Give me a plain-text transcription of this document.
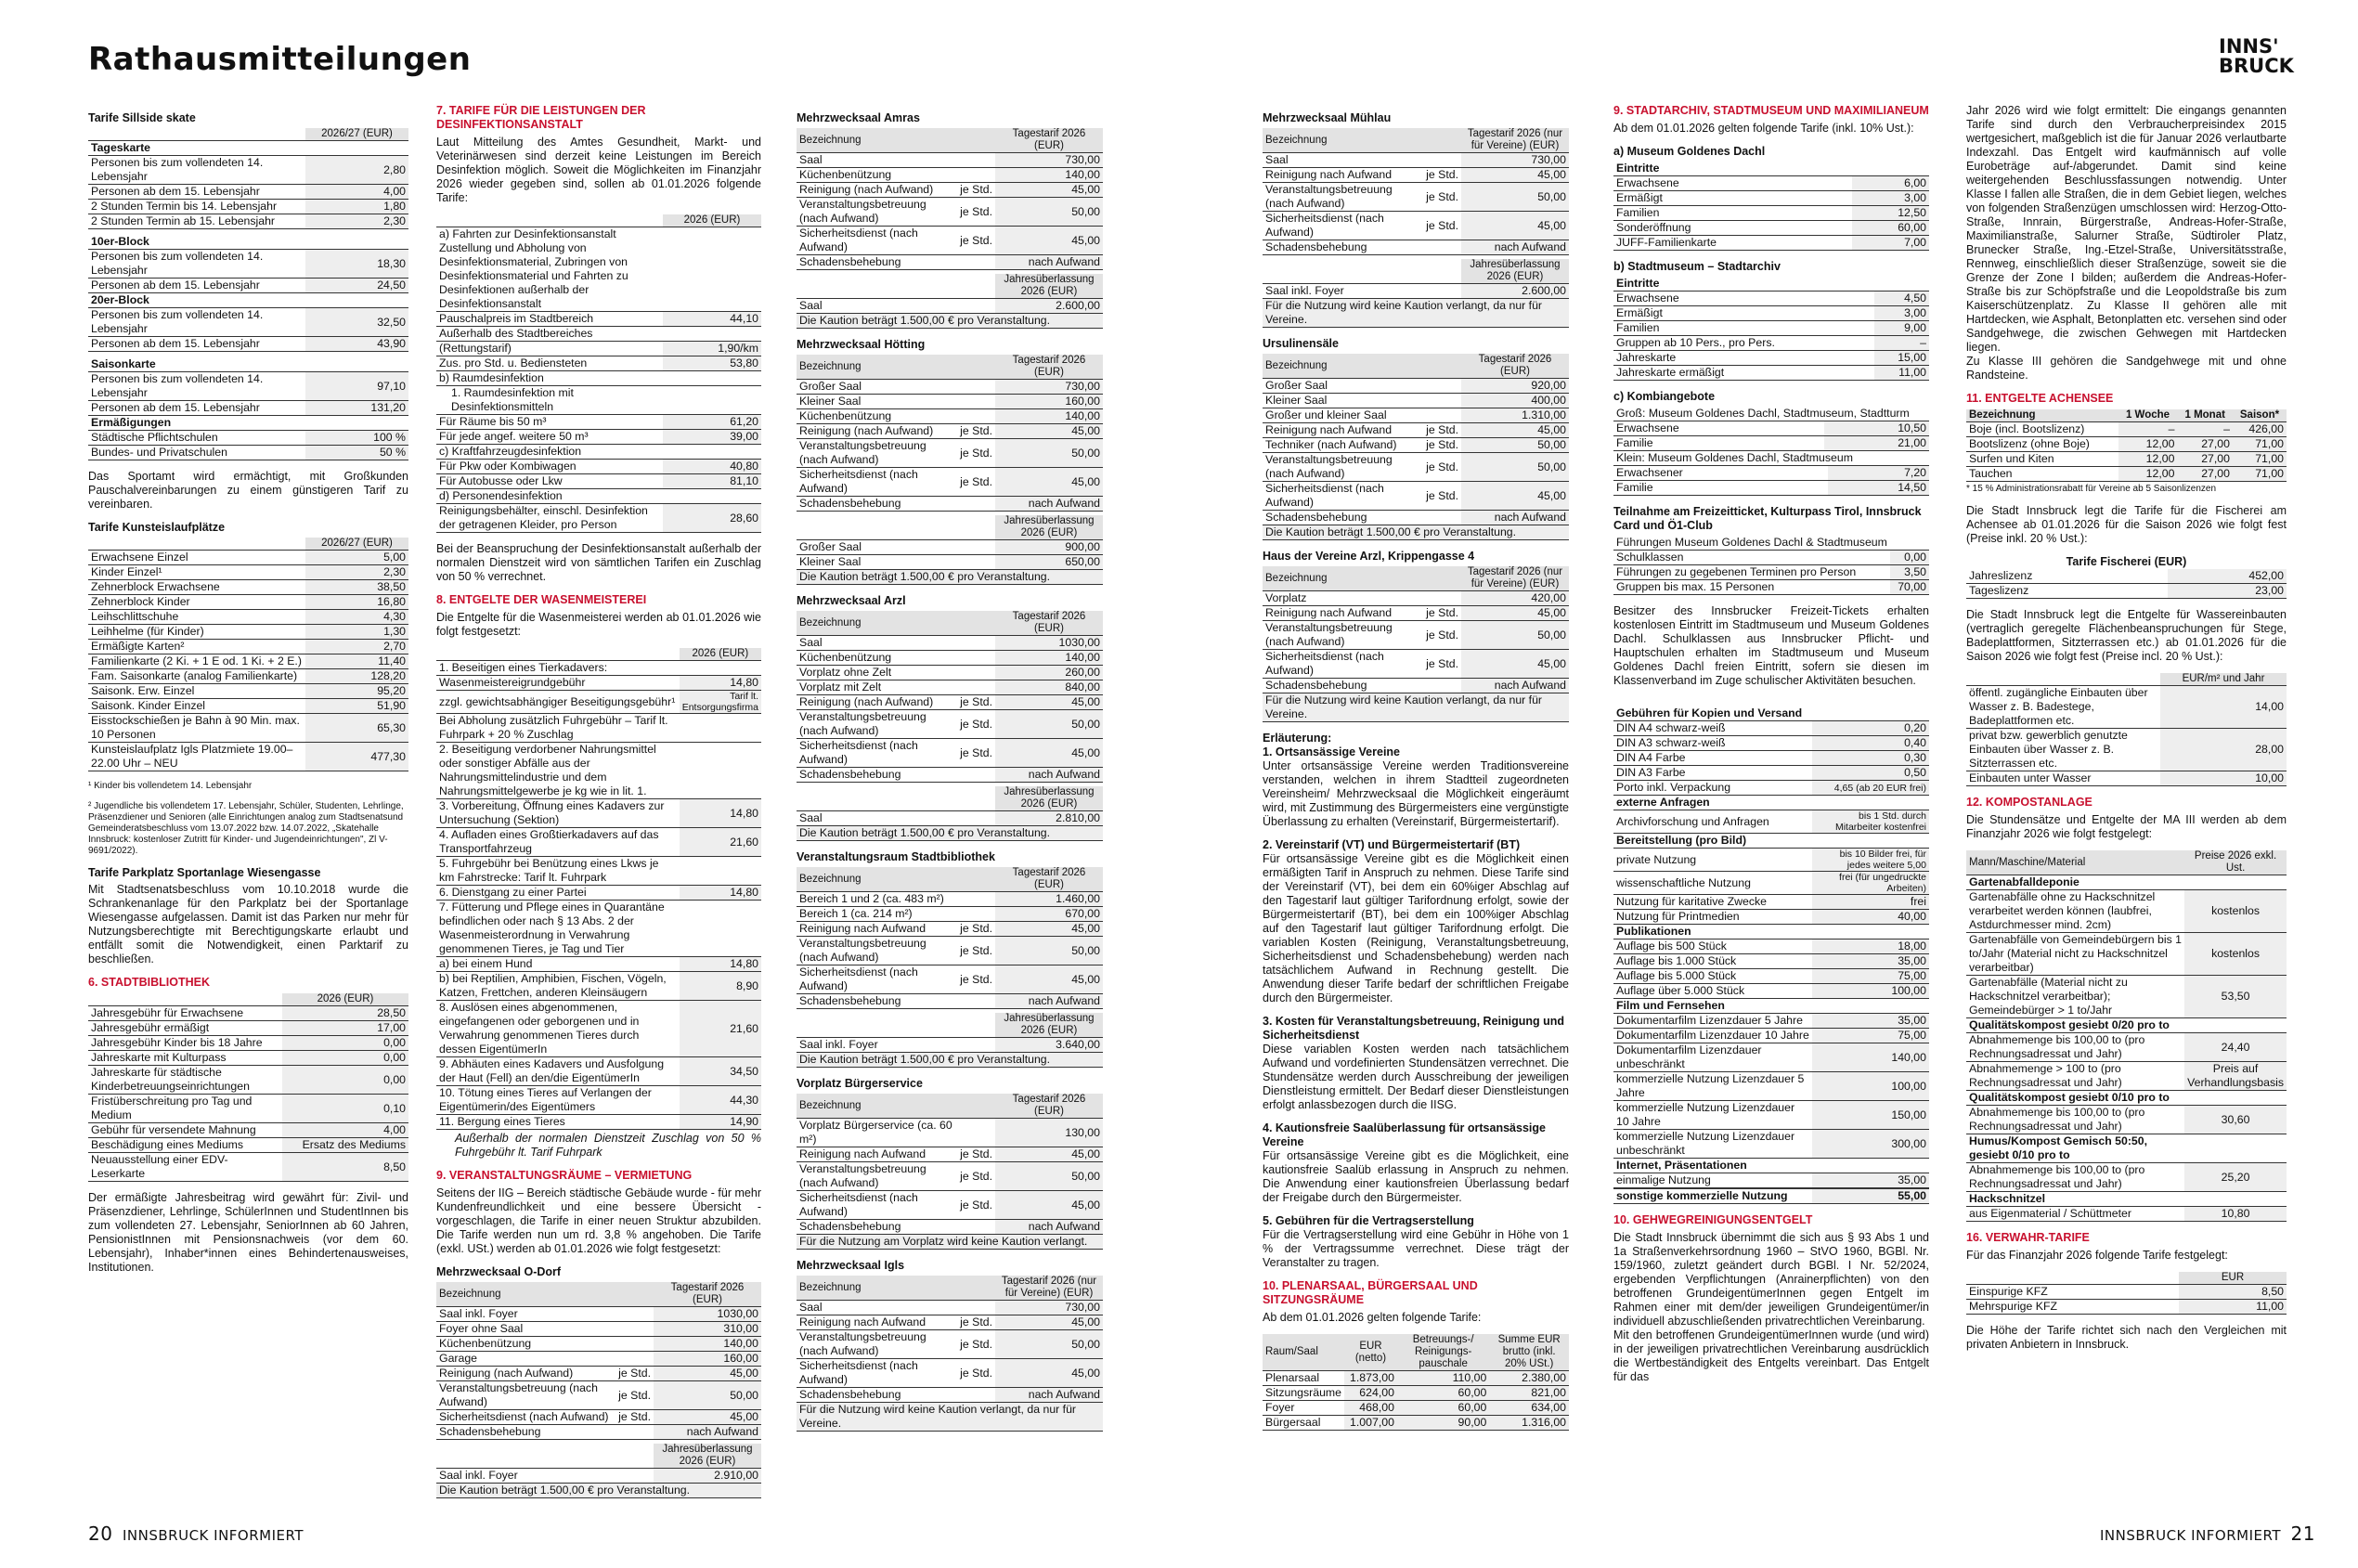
Rathausmitteilungen	INNS'
BRUCK
Tarife Sillside skate
	2026/27 (EUR)
Tageskarte	
Personen bis zum vollendeten 14. Lebensjahr	2,80
Personen ab dem 15. Lebensjahr	4,00
2 Stunden Termin bis 14. Lebensjahr	1,80
2 Stunden Termin ab 15. Lebensjahr	2,30
10er-Block	
Personen bis zum vollendeten 14. Lebensjahr	18,30
Personen ab dem 15. Lebensjahr	24,50
20er-Block	
Personen bis zum vollendeten 14. Lebensjahr	32,50
Personen ab dem 15. Lebensjahr	43,90
Saisonkarte	
Personen bis zum vollendeten 14. Lebensjahr	97,10
Personen ab dem 15. Lebensjahr	131,20
Ermäßigungen	
Städtische Pflichtschulen	100 %
Bundes- und Privatschulen	50 %

Das Sportamt wird ermächtigt, mit Großkunden Pauschalvereinbarungen zu einem günstigeren Tarif zu vereinbaren.

Tarife Kunsteislaufplätze
	2026/27 (EUR)
Erwachsene Einzel	5,00
Kinder Einzel¹	2,30
Zehnerblock Erwachsene	38,50
Zehnerblock Kinder	16,80
Leihschlittschuhe	4,30
Leihhelme (für Kinder)	1,30
Ermäßigte Karten²	2,70
Familienkarte (2 Ki. + 1 E od. 1 Ki. + 2 E.)	11,40
Fam. Saisonkarte (analog Familienkarte)	128,20
Saisonk. Erw. Einzel	95,20
Saisonk. Kinder Einzel	51,90
Eisstockschießen je Bahn à 90 Min. max. 10 Personen	65,30
Kunsteislaufplatz Igls Platzmiete 19.00–22.00 Uhr – NEU	477,30
¹ Kinder bis vollendetem 14. Lebensjahr
² Jugendliche bis vollendetem 17. Lebensjahr, Schüler, Studenten, Lehrlinge, Präsenzdiener und Senioren (alle Einrichtungen analog zum Stadtsenatsund Gemeinderatsbeschluss vom 13.07.2022 bzw. 14.07.2022, „Skatehalle Innsbruck: kostenloser Zutritt für Kinder- und Jugendeinrichtungen", Zl V-9691/2022).
Tarife Parkplatz Sportanlage Wiesengasse

Mit Stadtsenatsbeschluss vom 10.10.2018 wurde die Schrankenanlage für den Parkplatz bei der Sportanlage Wiesengasse aufgelassen. Damit ist das Parken nur mehr für Nutzungsberechtigte mit Berechtigungskarte erlaubt und entfällt somit die Notwendigkeit, einen Parktarif zu beschließen.

6. STADTBIBLIOTHEK
	2026 (EUR)
Jahresgebühr für Erwachsene	28,50
Jahresgebühr ermäßigt	17,00
Jahresgebühr Kinder bis 18 Jahre	0,00
Jahreskarte mit Kulturpass	0,00
Jahreskarte für städtische Kinderbetreuungseinrichtungen	0,00
Fristüberschreitung pro Tag und Medium	0,10
Gebühr für versendete Mahnung	4,00
Beschädigung eines Mediums	Ersatz des Mediums
Neuausstellung einer EDV-Leserkarte	8,50

Der ermäßigte Jahresbeitrag wird gewährt für: Zivil- und Präsenzdiener, Lehrlinge, SchülerInnen und StudentInnen bis zum vollendeten 27. Lebensjahr, SeniorInnen ab 60 Jahren, PensionistInnen mit Pensionsnachweis (vor dem 60. Lebensjahr), Inhaber*innen eines Behindertenausweises, Institutionen.

7. TARIFE FÜR DIE LEISTUNGEN DER DESINFEKTIONSANSTALT

Laut Mitteilung des Amtes Gesundheit, Markt- und Veterinärwesen sind derzeit keine Leistungen im Bereich Desinfektion möglich. Soweit die Möglichkeiten im Finanzjahr 2026 wieder gegeben sind, sollen ab 01.01.2026 folgende Tarife:

	2026 (EUR)
a) Fahrten zur Desinfektionsanstalt Zustellung und Abholung von Desinfektionsmaterial, Zubringen von Desinfektionsmaterial und Fahrten zu Desinfektionen außerhalb der Desinfektionsanstalt	
Pauschalpreis im Stadtbereich	44,10
Außerhalb des Stadtbereiches	
(Rettungstarif)	1,90/km
Zus. pro Std. u. Bediensteten	53,80
b) Raumdesinfektion	
1. Raumdesinfektion mit Desinfektionsmitteln	
Für Räume bis 50 m³	61,20
Für jede angef. weitere 50 m³	39,00
c) Kraftfahrzeugdesinfektion	
Für Pkw oder Kombiwagen	40,80
Für Autobusse oder Lkw	81,10
d) Personendesinfektion	
Reinigungsbehälter, einschl. Desinfektion der getragenen Kleider, pro Person	28,60

Bei der Beanspruchung der Desinfektionsanstalt außerhalb der normalen Dienstzeit wird von sämtlichen Tarifen ein Zuschlag von 50 % verrechnet.

8. ENTGELTE DER WASENMEISTEREI

Die Entgelte für die Wasenmeisterei werden ab 01.01.2026 wie folgt festgesetzt:

	2026 (EUR)
1. Beseitigen eines Tierkadavers:	
Wasenmeistereigrundgebühr	14,80
zzgl. gewichtsabhängiger Beseitigungsgebühr¹	Tarif lt. Entsorgungsfirma
Bei Abholung zusätzlich Fuhrgebühr – Tarif lt. Fuhrpark + 20 % Zuschlag	
2. Beseitigung verdorbener Nahrungsmittel oder sonstiger Abfälle aus der Nahrungsmittelindustrie und dem Nahrungsmittelgewerbe je kg wie in lit. 1.	
3. Vorbereitung, Öffnung eines Kadavers zur Untersuchung (Sektion)	14,80
4. Aufladen eines Großtierkadavers auf das Transportfahrzeug	21,60
5. Fuhrgebühr bei Benützung eines Lkws je km Fahrstrecke: Tarif lt. Fuhrpark	
6. Dienstgang zu einer Partei	14,80
7. Fütterung und Pflege eines in Quarantäne befindlichen oder nach § 13 Abs. 2 der Wasenmeisterordnung in Verwahrung genommenen Tieres, je Tag und Tier	
a) bei einem Hund	14,80
b) bei Reptilien, Amphibien, Fischen, Vögeln, Katzen, Frettchen, anderen Kleinsäugern	8,90
8. Auslösen eines abgenommenen, eingefangenen oder geborgenen und in Verwahrung genommenen Tieres durch dessen EigentümerIn	21,60
9. Abhäuten eines Kadavers und Ausfolgung der Haut (Fell) an den/die EigentümerIn	34,50
10. Tötung eines Tieres auf Verlangen der Eigentümerin/des Eigentümers	44,30
11. Bergung eines Tieres	14,90

Außerhalb der normalen Dienstzeit Zuschlag von 50 % Fuhrgebühr lt. Tarif Fuhrpark

9. VERANSTALTUNGSRÄUME – VERMIETUNG

Seitens der IIG – Bereich städtische Gebäude wurde - für mehr Kundenfreundlichkeit und eine bessere Übersicht - vorgeschlagen, die Tarife in einer neuen Struktur abzubilden. Die Tarife werden nun um rd. 3,8 % angehoben. Die Tarife (exkl. USt.) werden ab 01.01.2026 wie folgt festgesetzt:

Mehrzwecksaal O-Dorf
Bezeichnung		Tagestarif 2026 (EUR)
Saal inkl. Foyer		1030,00
Foyer ohne Saal		310,00
Küchenbenützung		140,00
Garage		160,00
Reinigung (nach Aufwand)	je Std.	45,00
Veranstaltungsbetreuung (nach Aufwand)	je Std.	50,00
Sicherheitsdienst (nach Aufwand)	je Std.	45,00
Schadensbehebung		nach Aufwand
	Jahresüberlassung 2026 (EUR)
Saal inkl. Foyer	2.910,00
Die Kaution beträgt 1.500,00 € pro Veranstaltung.	
Mehrzwecksaal Amras
Bezeichnung		Tagestarif 2026 (EUR)
Saal		730,00
Küchenbenützung		140,00
Reinigung (nach Aufwand)	je Std.	45,00
Veranstaltungsbetreuung (nach Aufwand)	je Std.	50,00
Sicherheitsdienst (nach Aufwand)	je Std.	45,00
Schadensbehebung		nach Aufwand
	Jahresüberlassung 2026 (EUR)
Saal	2.600,00
Die Kaution beträgt 1.500,00 € pro Veranstaltung.	
Mehrzwecksaal Hötting
Bezeichnung		Tagestarif 2026 (EUR)
Großer Saal		730,00
Kleiner Saal		160,00
Küchenbenützung		140,00
Reinigung (nach Aufwand)	je Std.	45,00
Veranstaltungsbetreuung (nach Aufwand)	je Std.	50,00
Sicherheitsdienst (nach Aufwand)	je Std.	45,00
Schadensbehebung		nach Aufwand
	Jahresüberlassung 2026 (EUR)
Großer Saal	900,00
Kleiner Saal	650,00
Die Kaution beträgt 1.500,00 € pro Veranstaltung.	
Mehrzwecksaal Arzl
Bezeichnung		Tagestarif 2026 (EUR)
Saal		1030,00
Küchenbenützung		140,00
Vorplatz ohne Zelt		260,00
Vorplatz mit Zelt		840,00
Reinigung (nach Aufwand)	je Std.	45,00
Veranstaltungsbetreuung (nach Aufwand)	je Std.	50,00
Sicherheitsdienst (nach Aufwand)	je Std.	45,00
Schadensbehebung		nach Aufwand
	Jahresüberlassung 2026 (EUR)
Saal	2.810,00
Die Kaution beträgt 1.500,00 € pro Veranstaltung.	
Veranstaltungsraum Stadtbibliothek
Bezeichnung		Tagestarif 2026 (EUR)
Bereich 1 und 2 (ca. 483 m²)		1.460,00
Bereich 1 (ca. 214 m²)		670,00
Reinigung nach Aufwand	je Std.	45,00
Veranstaltungsbetreuung (nach Aufwand)	je Std.	50,00
Sicherheitsdienst (nach Aufwand)	je Std.	45,00
Schadensbehebung		nach Aufwand
	Jahresüberlassung 2026 (EUR)
Saal inkl. Foyer	3.640,00
Die Kaution beträgt 1.500,00 € pro Veranstaltung.	
Vorplatz Bürgerservice
Bezeichnung		Tagestarif 2026 (EUR)
Vorplatz Bürgerservice (ca. 60 m²)		130,00
Reinigung nach Aufwand	je Std.	45,00
Veranstaltungsbetreuung (nach Aufwand)	je Std.	50,00
Sicherheitsdienst (nach Aufwand)	je Std.	45,00
Schadensbehebung		nach Aufwand
Für die Nutzung am Vorplatz wird keine Kaution verlangt.
Mehrzwecksaal Igls
Bezeichnung		Tagestarif 2026 (nur für Vereine) (EUR)
Saal		730,00
Reinigung nach Aufwand	je Std.	45,00
Veranstaltungsbetreuung (nach Aufwand)	je Std.	50,00
Sicherheitsdienst (nach Aufwand)	je Std.	45,00
Schadensbehebung		nach Aufwand
Für die Nutzung wird keine Kaution verlangt, da nur für Vereine.
Mehrzwecksaal Mühlau
Bezeichnung		Tagestarif 2026 (nur für Vereine) (EUR)
Saal		730,00
Reinigung nach Aufwand	je Std.	45,00
Veranstaltungsbetreuung (nach Aufwand)	je Std.	50,00
Sicherheitsdienst (nach Aufwand)	je Std.	45,00
Schadensbehebung		nach Aufwand
	Jahresüberlassung 2026 (EUR)
Saal inkl. Foyer	2.600,00
Für die Nutzung wird keine Kaution verlangt, da nur für Vereine.	
Ursulinensäle
Bezeichnung		Tagestarif 2026 (EUR)
Großer Saal		920,00
Kleiner Saal		400,00
Großer und kleiner Saal		1.310,00
Reinigung nach Aufwand	je Std.	45,00
Techniker (nach Aufwand)	je Std.	50,00
Veranstaltungsbetreuung (nach Aufwand)	je Std.	50,00
Sicherheitsdienst (nach Aufwand)	je Std.	45,00
Schadensbehebung		nach Aufwand
Die Kaution beträgt 1.500,00 € pro Veranstaltung.
Haus der Vereine Arzl, Krippengasse 4
Bezeichnung		Tagestarif 2026 (nur für Vereine) (EUR)
Vorplatz		420,00
Reinigung nach Aufwand	je Std.	45,00
Veranstaltungsbetreuung (nach Aufwand)	je Std.	50,00
Sicherheitsdienst (nach Aufwand)	je Std.	45,00
Schadensbehebung		nach Aufwand
Für die Nutzung wird keine Kaution verlangt, da nur für Vereine.
Erläuterung:
1. Ortsansässige Vereine

Unter ortsansässige Vereine werden Traditionsvereine verstanden, welchen in ihrem Stadtteil zugeordneten Vereinsheim/ Mehrzwecksaal die Möglichkeit eingeräumt wird, mit Zustimmung des Bürgermeisters eine vergünstigte Überlassung zu erhalten (Vereinstarif, Bürgermeistertarif).

2. Vereinstarif (VT) und Bürgermeistertarif (BT)

Für ortsansässige Vereine gibt es die Möglichkeit einen ermäßigten Tarif in Anspruch zu nehmen. Diese Tarife sind der Vereinstarif (VT), bei dem ein 60%iger Abschlag auf den Tagestarif laut gültiger Tarifordnung erfolgt, sowie der Bürgermeistertarif (BT), bei dem ein 100%iger Abschlag auf den Tagestarif laut gültiger Tarifordnung erfolgt. Die variablen Kosten (Reinigung, Veranstaltungsbetreuung, Sicherheitsdienst und Schadensbehebung) werden nach tatsächlichem Aufwand in Rechnung gestellt. Die Anwendung dieser Tarife bedarf der schriftlichen Freigabe durch den Bürgermeister.

3. Kosten für Veranstaltungsbetreuung, Reinigung und Sicherheitsdienst

Diese variablen Kosten werden nach tatsächlichem Aufwand und vordefinierten Stundensätzen verrechnet. Die Stundensätze werden durch Ausschreibung der jeweiligen Dienstleistung ermittelt. Der Bedarf dieser Dienstleistungen erfolgt anlassbezogen durch die IISG.

4. Kautionsfreie Saalüberlassung für ortsansässige Vereine

Für ortsansässige Vereine gibt es die Möglichkeit, eine kautionsfreie Saalüb erlassung in Anspruch zu nehmen. Die Anwendung einer kautionsfreien Überlassung bedarf der Freigabe durch den Bürgermeister.

5. Gebühren für die Vertragserstellung

Für die Vertragserstellung wird eine Gebühr in Höhe von 1 % der Vertragssumme verrechnet. Diese trägt der Veranstalter zu tragen.

10. PLENARSAAL, BÜRGERSAAL UND SITZUNGSRÄUME

Ab dem 01.01.2026 gelten folgende Tarife:

Raum/Saal	EUR (netto)	Betreuungs-/ Reinigungs-pauschale	Summe EUR brutto (inkl. 20% USt.)
Plenarsaal	1.873,00	110,00	2.380,00
Sitzungsräume	624,00	60,00	821,00
Foyer	468,00	60,00	634,00
Bürgersaal	1.007,00	90,00	1.316,00
9. STADTARCHIV, STADTMUSEUM UND MAXIMILIANEUM

Ab dem 01.01.2026 gelten folgende Tarife (inkl. 10% Ust.):

a) Museum Goldenes Dachl
Eintritte	
Erwachsene	6,00
Ermäßigt	3,00
Familien	12,50
Sonderöffnung	60,00
JUFF-Familienkarte	7,00
b) Stadtmuseum – Stadtarchiv
Eintritte	
Erwachsene	4,50
Ermäßigt	3,00
Familien	9,00
Gruppen ab 10 Pers., pro Pers.	–
Jahreskarte	15,00
Jahreskarte ermäßigt	11,00
c) Kombiangebote
Groß: Museum Goldenes Dachl, Stadtmuseum, Stadtturm	
Erwachsene	10,50
Familie	21,00
Klein: Museum Goldenes Dachl, Stadtmuseum	
Erwachsener	7,20
Familie	14,50
Teilnahme am Freizeitticket, Kulturpass Tirol, Innsbruck Card und Ö1-Club
Führungen Museum Goldenes Dachl & Stadtmuseum	
Schulklassen	0,00
Führungen zu gegebenen Terminen pro Person	3,50
Gruppen bis max. 15 Personen	70,00

Besitzer des Innsbrucker Freizeit-Tickets erhalten kostenlosen Eintritt im Stadtmuseum und Museum Goldenes Dachl. Schulklassen aus Innsbrucker Pflicht- und Hauptschulen erhalten im Stadtmuseum und Museum Goldenes Dachl freien Eintritt, sofern sie diesen im Klassenverband im Zuge schulischer Aktivitäten besuchen.

Gebühren für Kopien und Versand	
DIN A4 schwarz-weiß	0,20
DIN A3 schwarz-weiß	0,40
DIN A4 Farbe	0,30
DIN A3 Farbe	0,50
Porto inkl. Verpackung	4,65 (ab 20 EUR frei)
externe Anfragen	
Archivforschung und Anfragen	bis 1 Std. durch Mitarbeiter kostenfrei
Bereitstellung (pro Bild)	
private Nutzung	bis 10 Bilder frei, für jedes weitere 5,00
wissenschaftliche Nutzung	frei (für ungedruckte Arbeiten)
Nutzung für karitative Zwecke	frei
Nutzung für Printmedien	40,00
Publikationen	
Auflage bis 500 Stück	18,00
Auflage bis 1.000 Stück	35,00
Auflage bis 5.000 Stück	75,00
Auflage über 5.000 Stück	100,00
Film und Fernsehen	
Dokumentarfilm Lizenzdauer 5 Jahre	35,00
Dokumentarfilm Lizenzdauer 10 Jahre	75,00
Dokumentarfilm Lizenzdauer unbeschränkt	140,00
kommerzielle Nutzung Lizenzdauer 5 Jahre	100,00
kommerzielle Nutzung Lizenzdauer 10 Jahre	150,00
kommerzielle Nutzung Lizenzdauer unbeschränkt	300,00
Internet, Präsentationen	
einmalige Nutzung	35,00

sonstige kommerzielle Nutzung	55,00
10. GEHWEGREINIGUNGSENTGELT

Die Stadt Innsbruck übernimmt die sich aus § 93 Abs 1 und 1a Straßenverkehrsordnung 1960 – StVO 1960, BGBl. Nr. 159/1960, zuletzt geändert durch BGBl. I Nr. 52/2024, ergebenden Verpflichtungen (Anrainerpflichten) von den betroffenen GrundeigentümerInnen gegen Entgelt im Rahmen einer mit dem/der jeweiligen Grundeigentümer/in individuell abzuschließenden privatrechtlichen Vereinbarung.

Mit den betroffenen GrundeigentümerInnen wurde (und wird) in der jeweiligen privatrechtlichen Vereinbarung ausdrücklich die Wertbeständigkeit des Entgelts vereinbart. Das Entgelt für das

Jahr 2026 wird wie folgt ermittelt: Die eingangs genannten Tarife sind durch den Verbraucherpreisindex 2015 wertgesichert, maßgeblich ist die für Januar 2026 verlautbarte Indexzahl. Das Entgelt wird kaufmännisch auf volle Eurobeträge auf-/abgerundet. Damit sind keine weitergehenden Beschlussfassungen notwendig. Unter Klasse I fallen alle Straßen, die in dem Gebiet liegen, welches von folgenden Straßenzügen umschlossen wird: Herzog-Otto-Straße, Innrain, Bürgerstraße, Andreas-Hofer-Straße, Maximilianstraße, Salurner Straße, Südtiroler Platz, Brunecker Straße, Ing.-Etzel-Straße, Universitätsstraße, Rennweg, einschließlich dieser Straßenzüge, soweit sie die Grenze der Zone I bilden; außerdem die Andreas-Hofer-Straße bis zur Schöpfstraße und die Leopoldstraße bis zum Kaiserschützenplatz. Zu Klasse II gehören alle mit Hartdecken, wie Asphalt, Betonplatten etc. versehen sind oder Sandgehwege, die zwischen Gehwegen mit Hartdecken liegen.

Zu Klasse III gehören die Sandgehwege mit und ohne Randsteine.

11. ENTGELTE ACHENSEE
Bezeichnung	1 Woche	1 Monat	Saison*
Boje (incl. Bootslizenz)	–	–	426,00
Bootslizenz (ohne Boje)	12,00	27,00	71,00
Surfen und Kiten	12,00	27,00	71,00
Tauchen	12,00	27,00	71,00
* 15 % Administrationsrabatt für Vereine ab 5 Saisonlizenzen

Die Stadt Innsbruck legt die Tarife für die Fischerei am Achensee ab 01.01.2026 für die Saison 2026 wie folgt fest (Preise inkl. 20 % Ust.):

Tarife Fischerei (EUR)
Jahreslizenz	452,00
Tageslizenz	23,00

Die Stadt Innsbruck legt die Entgelte für Wassereinbauten (vertraglich geregelte Flächenbeanspruchungen für Stege, Badeplattformen, Sitzterrassen etc.) ab 01.01.2026 für die Saison 2026 wie folgt fest (Preise incl. 20 % Ust.):

	EUR/m² und Jahr
öffentl. zugängliche Einbauten über Wasser z. B. Badestege, Badeplattformen etc.	14,00
privat bzw. gewerblich genutzte Einbauten über Wasser z. B. Sitzterrassen etc.	28,00
Einbauten unter Wasser	10,00
12. KOMPOSTANLAGE

Die Stundensätze und Entgelte der MA III werden ab dem Finanzjahr 2026 wie folgt festgelegt:

Mann/Maschine/Material	Preise 2026 exkl. Ust.
Gartenabfalldeponie	
Gartenabfälle ohne zu Hackschnitzel verarbeitet werden können (laubfrei, Astdurchmesser mind. 2cm)	kostenlos
Gartenabfälle von Gemeindebürgern bis 1 to/Jahr (Material nicht zu Hackschnitzel verarbeitbar)	kostenlos
Gartenabfälle (Material nicht zu Hackschnitzel verarbeitbar); Gemeindebürger > 1 to/Jahr	53,50
Qualitätskompost gesiebt 0/20 pro to	
Abnahmemenge bis 100,00 to (pro Rechnungsadressat und Jahr)	24,40
Abnahmemenge > 100 to (pro Rechnungsadressat und Jahr)	Preis auf Verhandlungsbasis
Qualitätskompost gesiebt 0/10 pro to	
Abnahmemenge bis 100,00 to (pro Rechnungsadressat und Jahr)	30,60
Humus/Kompost Gemisch 50:50, gesiebt 0/10 pro to	
Abnahmemenge bis 100,00 to (pro Rechnungsadressat und Jahr)	25,20
Hackschnitzel	
aus Eigenmaterial / Schüttmeter	10,80
16. VERWAHR-TARIFE

Für das Finanzjahr 2026 folgende Tarife festgelegt:

	EUR
Einspurige KFZ	8,50
Mehrspurige KFZ	11,00

Die Höhe der Tarife richtet sich nach den Vergleichen mit privaten Anbietern in Innsbruck.

20 INNSBRUCK INFORMIERT	INNSBRUCK INFORMIERT 21
